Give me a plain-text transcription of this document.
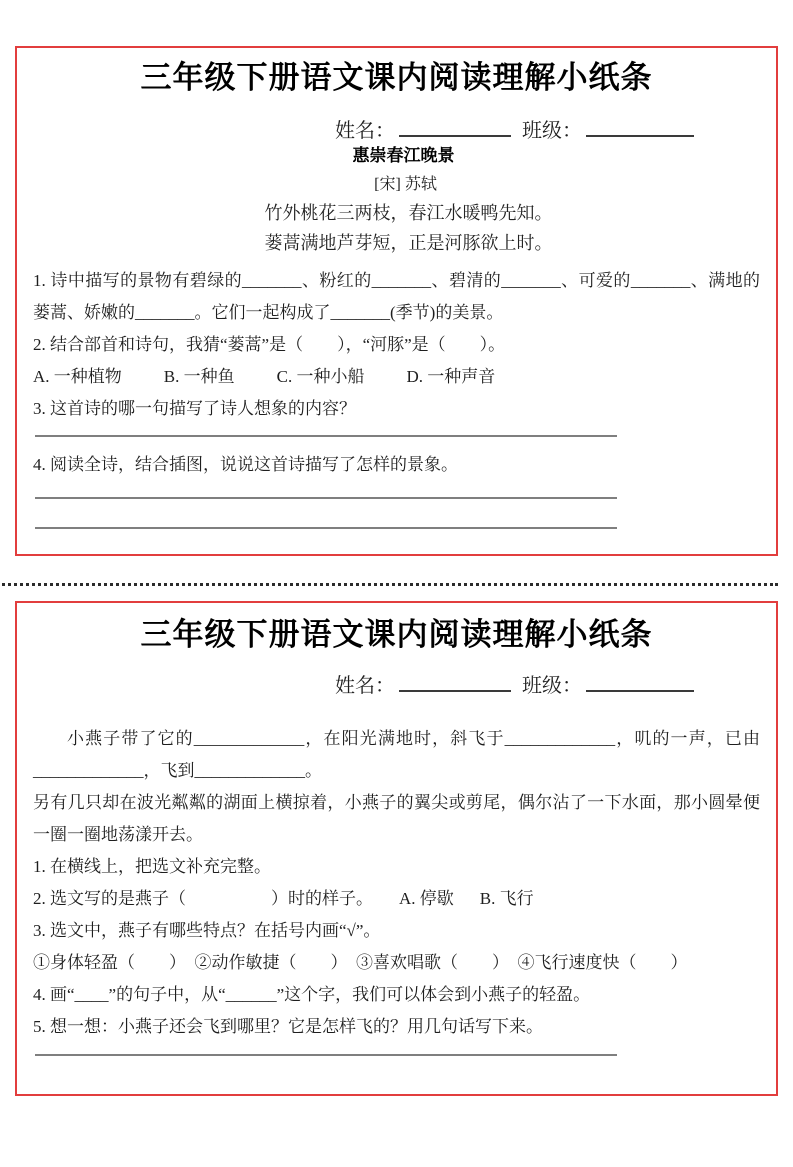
三年级下册语文课内阅读理解小纸条
姓名：	班级：
惠崇春江晚景
[宋] 苏轼
竹外桃花三两枝，春江水暖鸭先知。
蒌蒿满地芦芽短，正是河豚欲上时。

1. 诗中描写的景物有碧绿的_______、粉红的_______、碧清的_______、可爱的_______、满地的蒌蒿、娇嫩的_______。它们一起构成了_______(季节)的美景。

2. 结合部首和诗句，我猜“蒌蒿”是（　　），“河豚”是（　　）。

A. 一种植物 B. 一种鱼 C. 一种小船 D. 一种声音

3. 这首诗的哪一句描写了诗人想象的内容？

4. 阅读全诗，结合插图，说说这首诗描写了怎样的景象。

三年级下册语文课内阅读理解小纸条
姓名：	班级：

小燕子带了它的_____________，在阳光满地时，斜飞于_____________，叽的一声，已由_____________，飞到_____________。

另有几只却在波光粼粼的湖面上横掠着，小燕子的翼尖或剪尾，偶尔沾了一下水面，那小圆晕便一圈一圈地荡漾开去。

1. 在横线上，把选文补充完整。

2. 选文写的是燕子（　　　　　）时的样子。 A. 停歇 B. 飞行

3. 选文中，燕子有哪些特点？在括号内画“√”。

①身体轻盈（　　）　②动作敏捷（　　）　③喜欢唱歌（　　）　④飞行速度快（　　）

4. 画“____”的句子中，从“______”这个字，我们可以体会到小燕子的轻盈。

5. 想一想：小燕子还会飞到哪里？它是怎样飞的？用几句话写下来。
